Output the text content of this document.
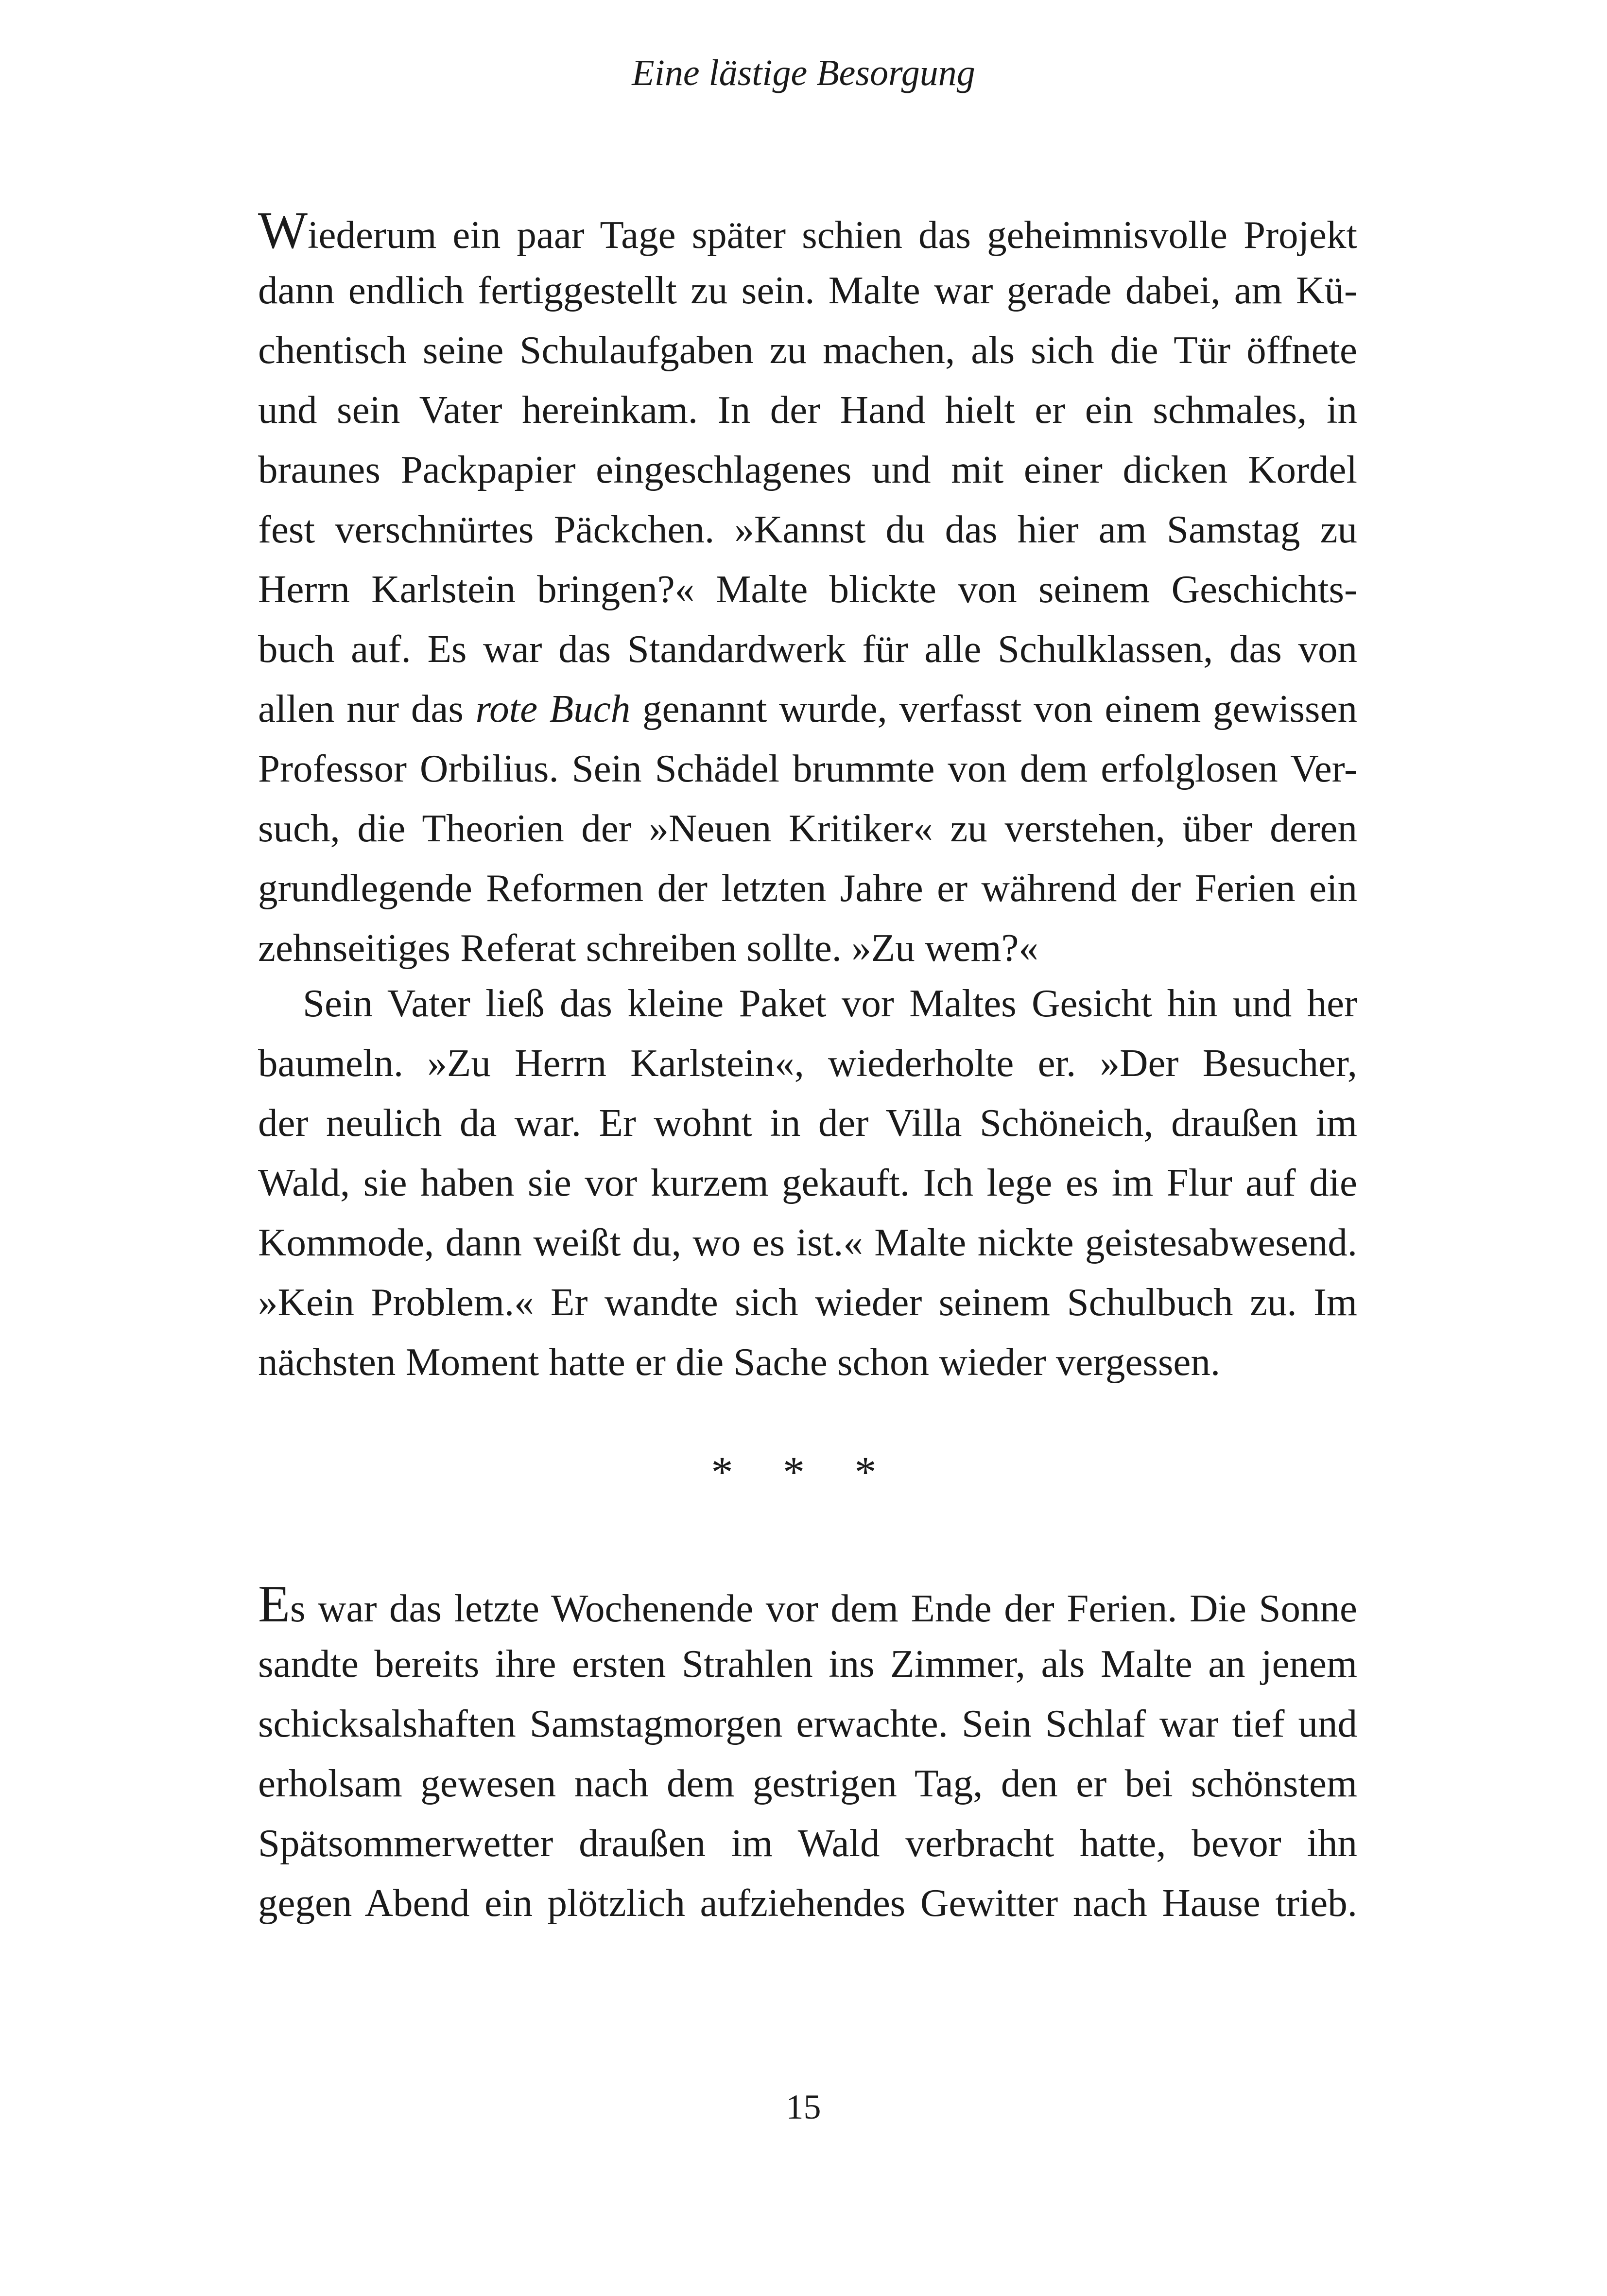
Eine lästige Besorgung
Wiederum ein paar Tage später schien das geheimnisvolle Projekt
dann endlich fertiggestellt zu sein. Malte war gerade dabei, am Kü-
chentisch seine Schulaufgaben zu machen, als sich die Tür öffnete
und sein Vater hereinkam. In der Hand hielt er ein schmales, in
braunes Packpapier eingeschlagenes und mit einer dicken Kordel
fest verschnürtes Päckchen. »Kannst du das hier am Samstag zu
Herrn Karlstein bringen?« Malte blickte von seinem Geschichts-
buch auf. Es war das Standardwerk für alle Schulklassen, das von
allen nur das rote Buch genannt wurde, verfasst von einem gewissen
Professor Orbilius. Sein Schädel brummte von dem erfolglosen Ver-
such, die Theorien der »Neuen Kritiker« zu verstehen, über deren
grundlegende Reformen der letzten Jahre er während der Ferien ein
zehnseitiges Referat schreiben sollte. »Zu wem?«
Sein Vater ließ das kleine Paket vor Maltes Gesicht hin und her
baumeln. »Zu Herrn Karlstein«, wiederholte er. »Der Besucher,
der neulich da war. Er wohnt in der Villa Schöneich, draußen im
Wald, sie haben sie vor kurzem gekauft. Ich lege es im Flur auf die
Kommode, dann weißt du, wo es ist.« Malte nickte geistesabwesend.
»Kein Problem.« Er wandte sich wieder seinem Schulbuch zu. Im
nächsten Moment hatte er die Sache schon wieder vergessen.
* * *
Es war das letzte Wochenende vor dem Ende der Ferien. Die Sonne
sandte bereits ihre ersten Strahlen ins Zimmer, als Malte an jenem
schicksalshaften Samstagmorgen erwachte. Sein Schlaf war tief und
erholsam gewesen nach dem gestrigen Tag, den er bei schönstem
Spätsommerwetter draußen im Wald verbracht hatte, bevor ihn
gegen Abend ein plötzlich aufziehendes Gewitter nach Hause trieb.
15
